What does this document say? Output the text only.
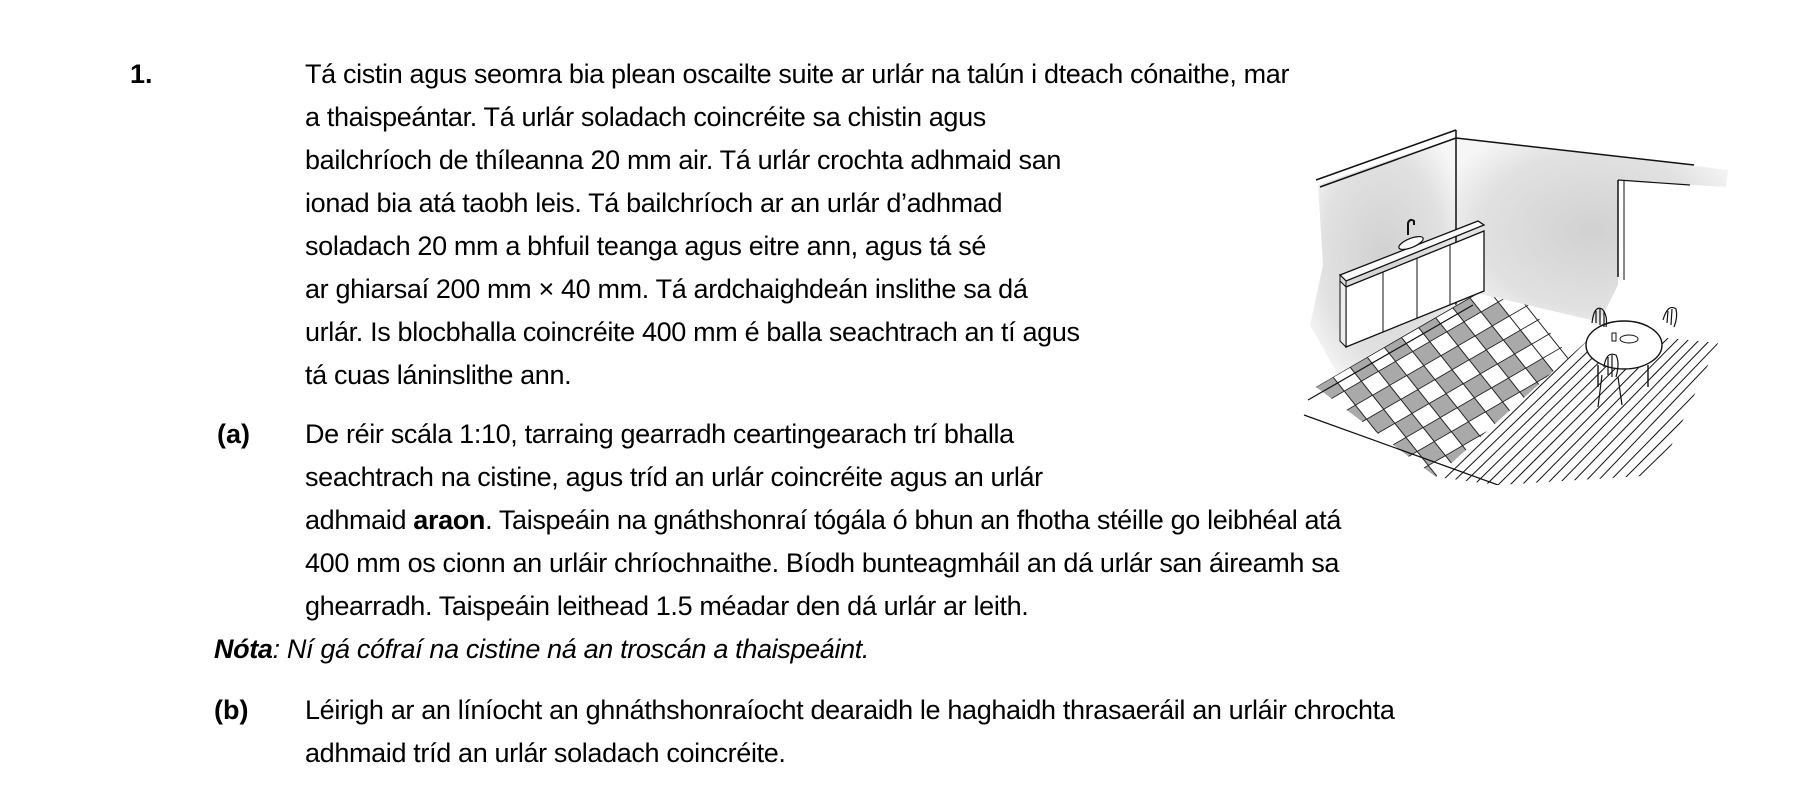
1.	Tá cistin agus seomra bia plean oscailte suite ar urlár na talún i dteach cónaithe, mar
a thaispeántar. Tá urlár soladach coincréite sa chistin agus
bailchríoch de thíleanna 20 mm air. Tá urlár crochta adhmaid san
ionad bia atá taobh leis. Tá bailchríoch ar an urlár d’adhmad
soladach 20 mm a bhfuil teanga agus eitre ann, agus tá sé
ar ghiarsaí 200 mm × 40 mm. Tá ardchaighdeán inslithe sa dá
urlár. Is blocbhalla coincréite 400 mm é balla seachtrach an tí agus
tá cuas láninslithe ann.
(a) De réir scála 1:10, tarraing gearradh ceartingearach trí bhalla
seachtrach na cistine, agus tríd an urlár coincréite agus an urlár
adhmaid araon. Taispeáin na gnáthshonraí tógála ó bhun an fhotha stéille go leibhéal atá
400 mm os cionn an urláir chríochnaithe. Bíodh bunteagmháil an dá urlár san áireamh sa
ghearradh. Taispeáin leithead 1.5 méadar den dá urlár ar leith.
Nóta: Ní gá cófraí na cistine ná an troscán a thaispeáint.
(b) Léirigh ar an líníocht an ghnáthshonraíocht dearaidh le haghaidh thrasaeráil an urláir chrochta
adhmaid tríd an urlár soladach coincréite.
